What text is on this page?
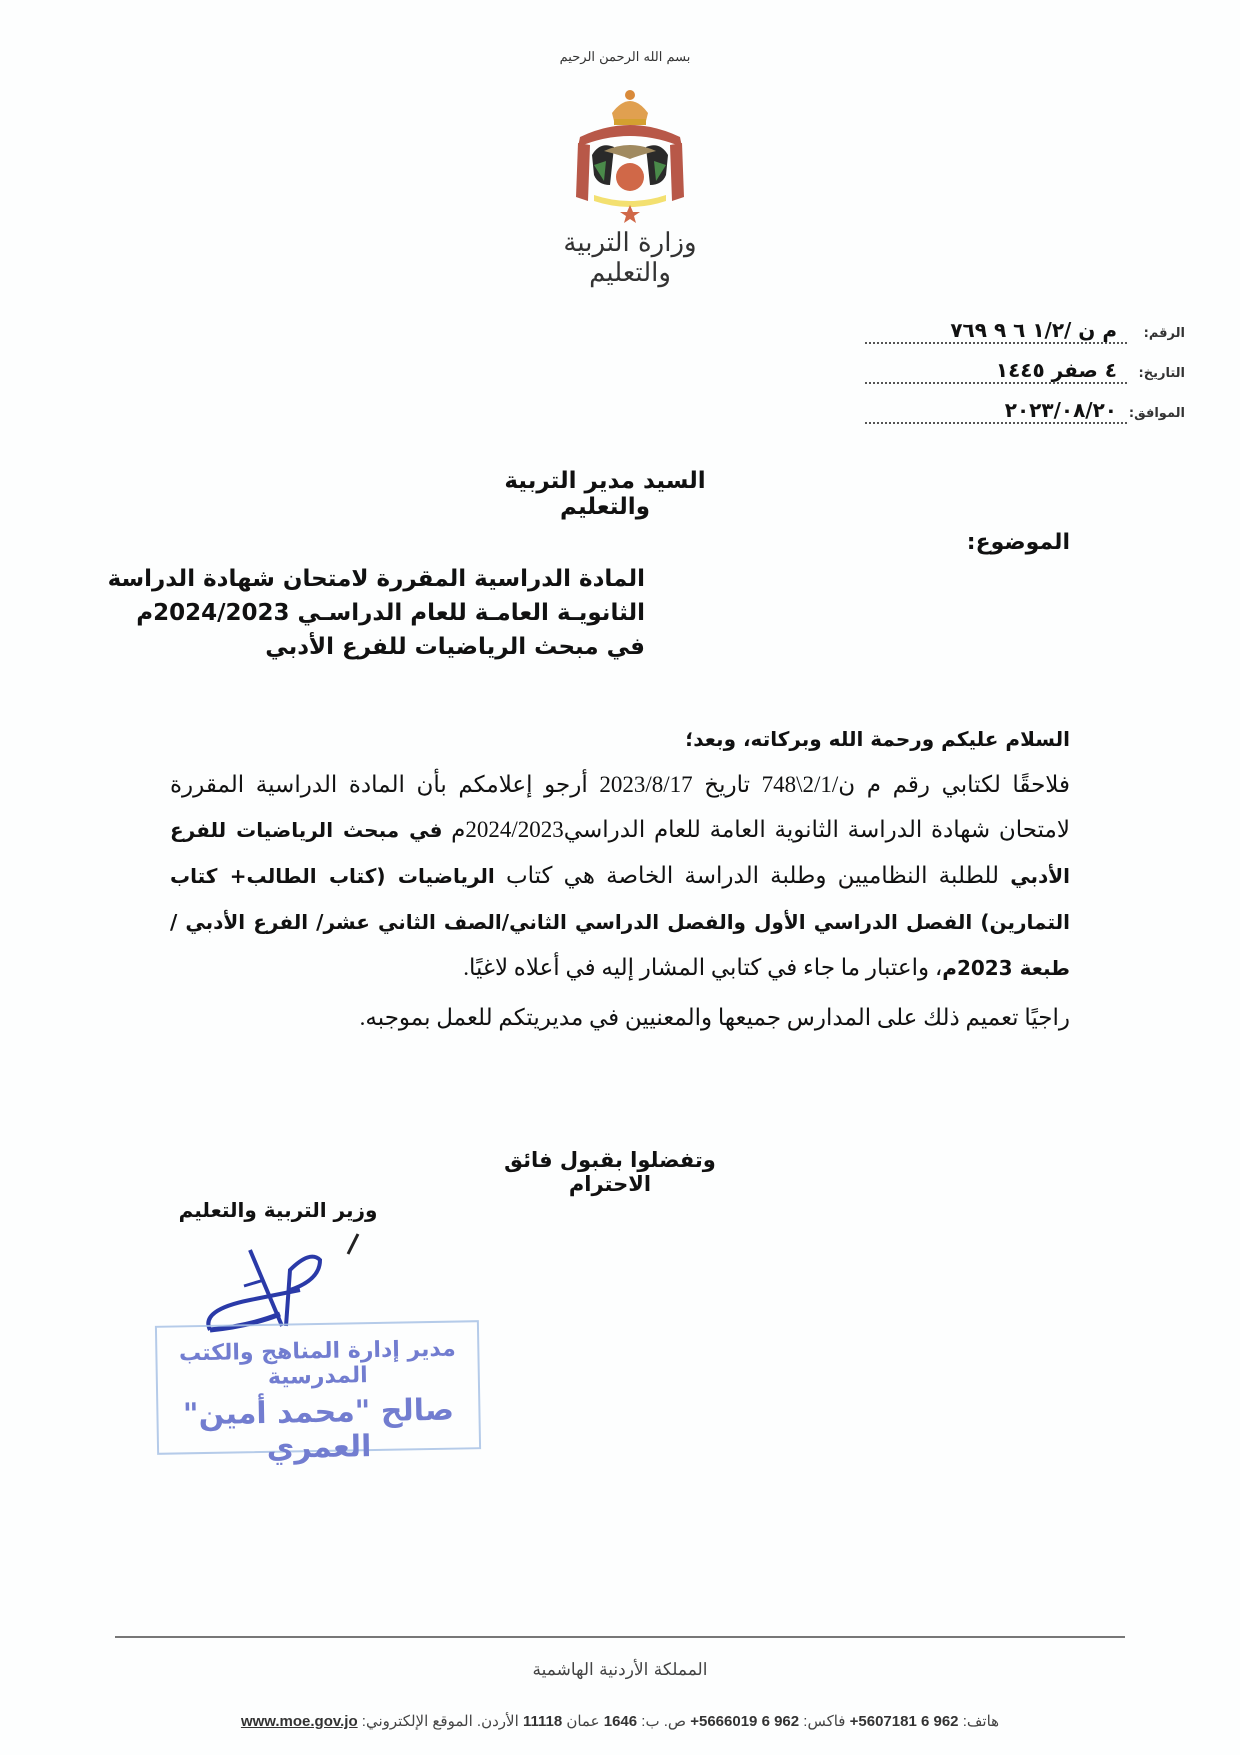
بسم الله الرحمن الرحيم
وزارة التربية والتعليم
الرقم:
م ن /١/٢ ٦ ٩ ٧٦٩
التاريخ:
٤ صفر ١٤٤٥
الموافق:
٢٠٢٣/٠٨/٢٠
السيد مدير التربية والتعليم
الموضوع:
المادة الدراسية المقررة لامتحان شهادة الدراسة
الثانويـة العامـة للعام الدراسـي 2024/2023م
في مبحث الرياضيات للفرع الأدبي
السلام عليكم ورحمة الله وبركاته، وبعد؛

فلاحقًا لكتابي رقم م ن/2/1\748 تاريخ 2023/8/17 أرجو إعلامكم بأن المادة الدراسية المقررة لامتحان شهادة الدراسة الثانوية العامة للعام الدراسي2024/2023م في مبحث الرياضيات للفرع الأدبي للطلبة النظاميين وطلبة الدراسة الخاصة هي كتاب الرياضيات (كتاب الطالب+ كتاب التمارين) الفصل الدراسي الأول والفصل الدراسي الثاني/الصف الثاني عشر/ الفرع الأدبي /طبعة 2023م، واعتبار ما جاء في كتابي المشار إليه في أعلاه لاغيًا.

راجيًا تعميم ذلك على المدارس جميعها والمعنيين في مديريتكم للعمل بموجبه.

وتفضلوا بقبول فائق الاحترام
وزير التربية والتعليم
مدير إدارة المناهج والكتب المدرسية
صالح "محمد أمين" العمري
المملكة الأردنية الهاشمية
هاتف: 962 6 5607181+ فاكس: 962 6 5666019+ ص. ب: 1646 عمان 11118 الأردن. الموقع الإلكتروني: www.moe.gov.jo
